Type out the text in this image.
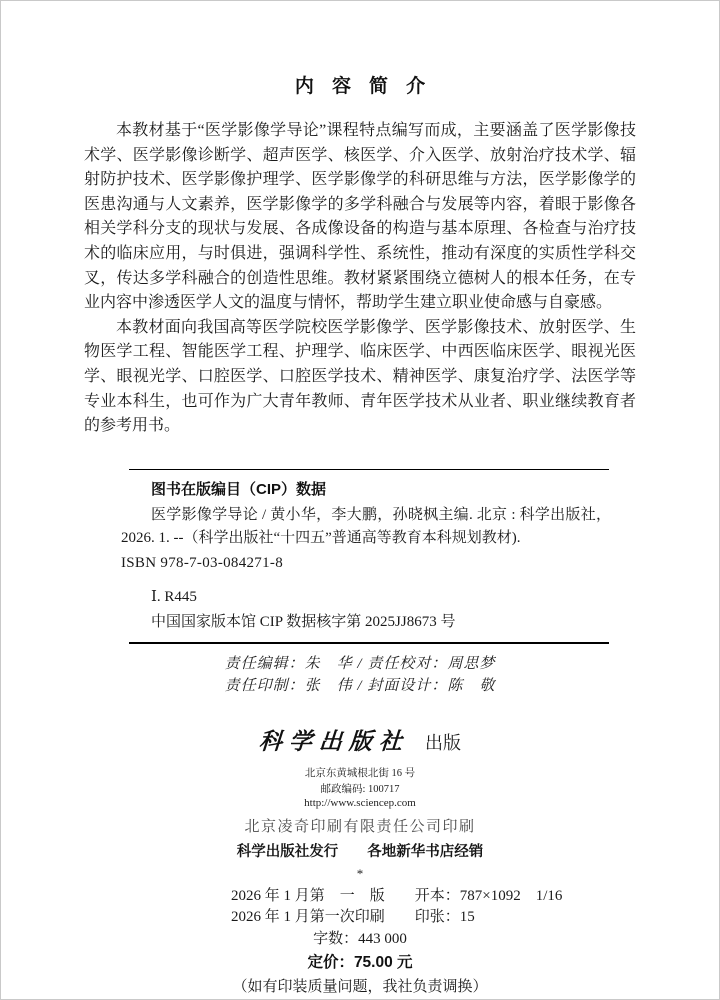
内容简介

本教材基于“医学影像学导论”课程特点编写而成，主要涵盖了医学影像技术学、医学影像诊断学、超声医学、核医学、介入医学、放射治疗技术学、辐射防护技术、医学影像护理学、医学影像学的科研思维与方法，医学影像学的医患沟通与人文素养，医学影像学的多学科融合与发展等内容，着眼于影像各相关学科分支的现状与发展、各成像设备的构造与基本原理、各检查与治疗技术的临床应用，与时俱进，强调科学性、系统性，推动有深度的实质性学科交叉，传达多学科融合的创造性思维。教材紧紧围绕立德树人的根本任务，在专业内容中渗透医学人文的温度与情怀，帮助学生建立职业使命感与自豪感。

本教材面向我国高等医学院校医学影像学、医学影像技术、放射医学、生物医学工程、智能医学工程、护理学、临床医学、中西医临床医学、眼视光医学、眼视光学、口腔医学、口腔医学技术、精神医学、康复治疗学、法医学等专业本科生，也可作为广大青年教师、青年医学技术从业者、职业继续教育者的参考用书。

图书在版编目（CIP）数据
医学影像学导论 / 黄小华，李大鹏，孙晓枫主编. 北京 : 科学出版社，2026. 1. --（科学出版社“十四五”普通高等教育本科规划教材).
ISBN 978-7-03-084271-8
Ⅰ. R445
中国国家版本馆 CIP 数据核字第 2025JJ8673 号
责任编辑：朱　华 / 责任校对：周思梦
责任印制：张　伟 / 封面设计：陈　敬
科学出版社 出版
北京东黄城根北街 16 号
邮政编码: 100717
http://www.sciencep.com
北京凌奇印刷有限责任公司印刷
科学出版社发行　　各地新华书店经销
*
2026 年 1 月第　一　版　　开本：787×1092　1/16
2026 年 1 月第一次印刷　　印张：15
字数：443 000
定价：75.00 元
（如有印装质量问题，我社负责调换）
